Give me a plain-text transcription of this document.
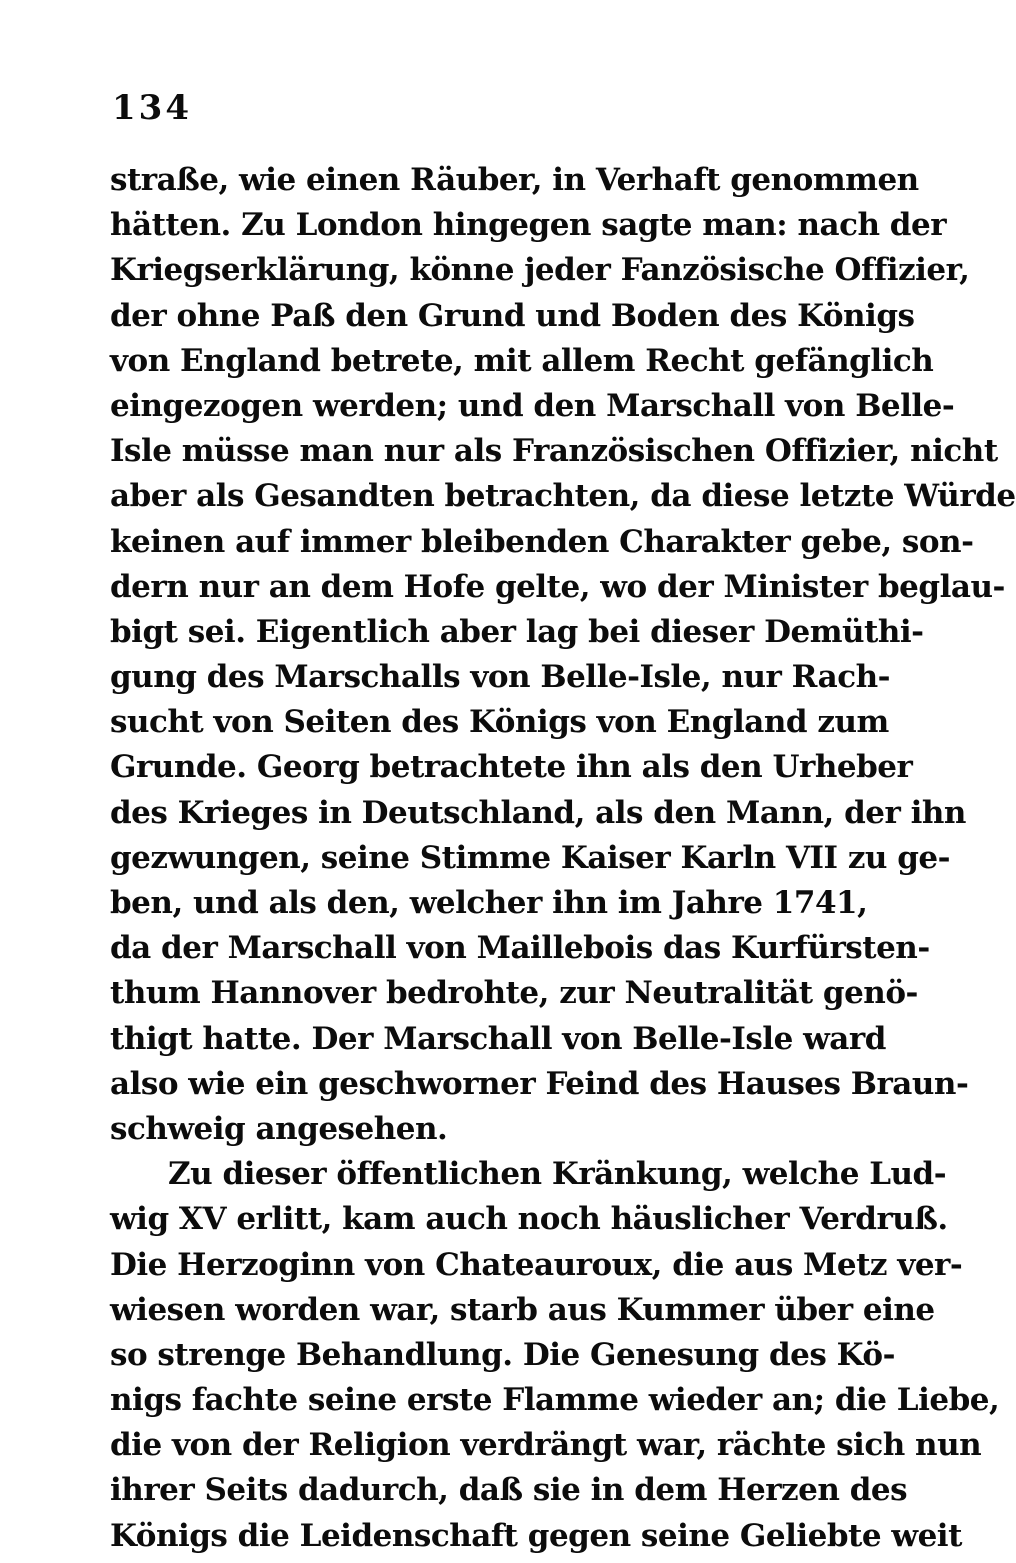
134
straße, wie einen Räuber, in Verhaft genommen
hätten. Zu London hingegen sagte man: nach der
Kriegserklärung, könne jeder Fanzösische Offizier,
der ohne Paß den Grund und Boden des Königs
von England betrete, mit allem Recht gefänglich
eingezogen werden; und den Marschall von Belle-
Isle müsse man nur als Französischen Offizier, nicht
aber als Gesandten betrachten, da diese letzte Würde
keinen auf immer bleibenden Charakter gebe, son-
dern nur an dem Hofe gelte, wo der Minister beglau-
bigt sei. Eigentlich aber lag bei dieser Demüthi-
gung des Marschalls von Belle-Isle, nur Rach-
sucht von Seiten des Königs von England zum
Grunde. Georg betrachtete ihn als den Urheber
des Krieges in Deutschland, als den Mann, der ihn
gezwungen, seine Stimme Kaiser Karln VII zu ge-
ben, und als den, welcher ihn im Jahre 1741,
da der Marschall von Maillebois das Kurfürsten-
thum Hannover bedrohte, zur Neutralität genö-
thigt hatte. Der Marschall von Belle-Isle ward
also wie ein geschworner Feind des Hauses Braun-
schweig angesehen.
Zu dieser öffentlichen Kränkung, welche Lud-
wig XV erlitt, kam auch noch häuslicher Verdruß.
Die Herzoginn von Chateauroux, die aus Metz ver-
wiesen worden war, starb aus Kummer über eine
so strenge Behandlung. Die Genesung des Kö-
nigs fachte seine erste Flamme wieder an; die Liebe,
die von der Religion verdrängt war, rächte sich nun
ihrer Seits dadurch, daß sie in dem Herzen des
Königs die Leidenschaft gegen seine Geliebte weit
